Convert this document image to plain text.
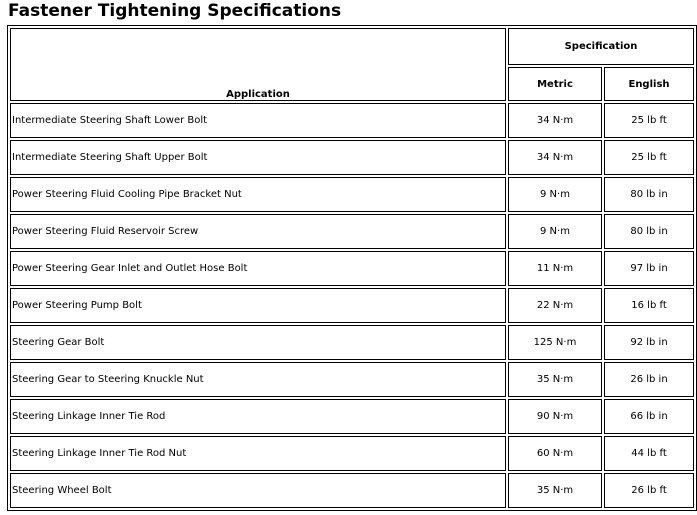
Fastener Tightening Specifications
Application	Specification	
	Metric	English
Intermediate Steering Shaft Lower Bolt	34 N·m	25 lb ft
Intermediate Steering Shaft Upper Bolt	34 N·m	25 lb ft
Power Steering Fluid Cooling Pipe Bracket Nut	9 N·m	80 lb in
Power Steering Fluid Reservoir Screw	9 N·m	80 lb in
Power Steering Gear Inlet and Outlet Hose Bolt	11 N·m	97 lb in
Power Steering Pump Bolt	22 N·m	16 lb ft
Steering Gear Bolt	125 N·m	92 lb in
Steering Gear to Steering Knuckle Nut	35 N·m	26 lb in
Steering Linkage Inner Tie Rod	90 N·m	66 lb in
Steering Linkage Inner Tie Rod Nut	60 N·m	44 lb ft
Steering Wheel Bolt	35 N·m	26 lb ft
